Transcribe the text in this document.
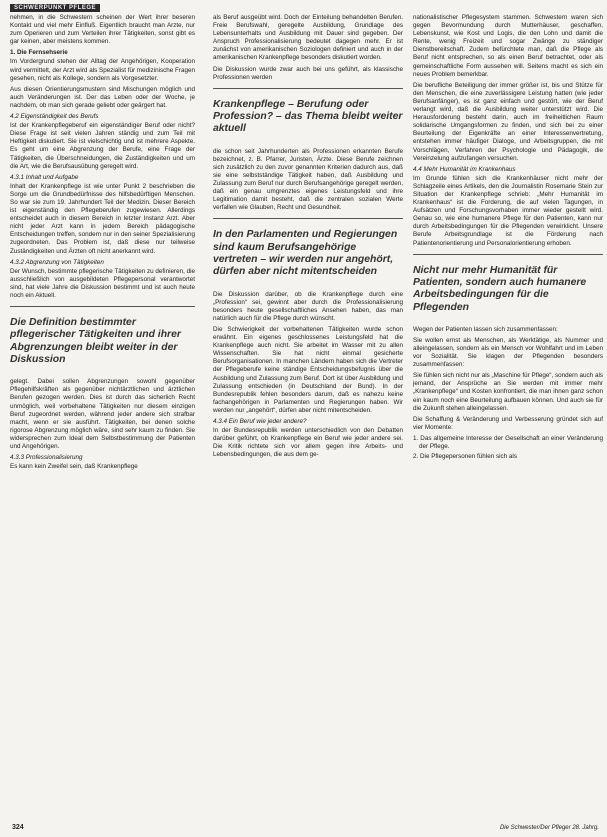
SCHWERPUNKT PFLEGE

nehmen, in die Schwestern scheinen der Wert ihrer beseren Kontakt und viel mehr Einfluß. Eigentlich braucht man Arzte, nur zum Operieren und zum Verteilen ihrer Tätigkeiten, sonst gibt es gar keinen, aber meistens kommen.

1. Die Fernsehserie

Im Vordergrund stehen der Alltag der Angehörigen, Kooperation wird vermittelt, der Arzt wird als Spezialist für medizinische Fragen gesehen, nicht als Kollege, sondern als Vorgesetzter.

Aus diesen Orientierungsmustern sind Mischungen möglich und auch Veränderungen ist. Der das Leben oder der Woche, je nachdem, ob man sich gerade geliebt oder geärgert hat.

4.2 Eigenständigkeit des Berufs

Ist der Krankenpflegeberuf ein eigenständiger Beruf oder nicht? Diese Frage ist seit vielen Jahren ständig und zum Teil mit Heftigkeit diskutiert. Sie ist vielschichtig und ist mehrere Aspekte. Es geht um eine Abgrenzung der Berufe, eine Frage der Tätigkeiten, die Überschneidungen, die Zuständigkeiten und um die Art, wie die Berufsausübung geregelt wird.

4.3.1 Inhalt und Aufgabe

Inhalt der Krankenpflege ist wie unter Punkt 2 beschrieben die Sorge um die Grundbedürfnisse des hilfsbedürftigen Menschen. So war sie zum 19. Jahrhundert Teil der Medizin. Dieser Bereich ist eigenständig den Pflegeberufen zugewiesen. Allerdings entscheidet auch in diesem Bereich in letzter Instanz Arzt. Aber nicht jeder Arzt kann in jedem Bereich pädagogische Entscheidungen treffen, sondern nur in den seiner Spezialisierung zugeordneten. Das Problem ist, daß diese nur teilweise Zuständigkeiten und Ärzten oft nicht anerkannt wird.

4.3.2 Abgrenzung von Tätigkeiten

Der Wunsch, bestimmte pflegerische Tätigkeiten zu definieren, die ausschließlich von ausgebildeten Pflegepersonal verantwortet sind, hat viele Jahre die Diskussion bestimmt und ist auch heute noch ein Aktuell.

Die Definition bestimmter pflegerischer Tätigkeiten und ihrer Abgrenzungen bleibt weiter in der Diskussion

gelegt. Dabei sollen Abgrenzungen sowohl gegenüber Pflegehilfskräften als gegenüber nichtärztlichen und ärztlichen Berufen gezogen werden. Dies ist durch das sicherlich Recht unmöglich, weil vorbehaltene Tätigkeiten nur diesem einzigen Beruf zugeordnet werden, während jeder andere sich strafbar macht, wenn er sie ausführt. Tätigkeiten, bei denen solche rigorose Abgrenzung möglich wäre, sind sehr kaum zu finden. Sie widersprechen zum Ideal dem Selbstbestimmung der Patienten und Angehörigen.

4.3.3 Professionalisierung

Es kann kein Zweifel sein, daß Krankenpflege

als Beruf ausgeübt wird. Doch der Einteilung behandelten Berufen. Freie Berufswahl, geregelte Ausbildung, Grundlage des Lebensunterhalts und Ausbildung mit Dauer sind gegeben. Der Anspruch Professionalisierung bedeutet dagegen mehr. Er ist zunächst von amerikanischen Soziologen definiert und auch in der amerikanischen Krankenpflege besonders diskutiert worden.

Die Diskussion wurde zwar auch bei uns geführt, als klassische Professionen werden

Krankenpflege – Berufung oder Profession? – das Thema bleibt weiter aktuell

die schon seit Jahrhunderten als Professionen erkannten Berufe bezeichnet, z. B. Pfarrer, Juristen, Ärzte. Diese Berufe zeichnen sich zusätzlich zu den zuvor genannten Kriterien dadurch aus, daß sie eine selbstständige Tätigkeit haben, daß Ausbildung und Zulassung zum Beruf nur durch Berufsangehörige geregelt werden, daß ein genau umgrenztes eigenes Leistungsfeld und ihre Legitimation damit besteht, daß die zentralen sozialen Werte verfallen wie Glauben, Recht und Gesundheit.

In den Parlamenten und Regierungen sind kaum Berufsangehörige vertreten – wir werden nur angehört, dürfen aber nicht mitentscheiden

Die Diskussion darüber, ob die Krankenpflege durch eine „Profession“ sei, gewinnt aber durch die Professionalisierung besonders heute gesellschaftliches Ansehen haben, das man natürlich auch für die Pflege durch wünscht.

Die Schwierigkeit der vorbehaltenen Tätigkeiten wurde schon erwähnt. Ein eigenes geschlossenes Leistungsfeld hat die Krankenpflege auch nicht. Sie arbeitet im Wasser mit zu allen Wissenschaften. Sie hat nicht einmal gesicherte Berufsorganisationen. In manchen Ländern haben sich die Vertreter der Pflegeberufe keine ständige Entscheidungsbefugnis über die Ausbildung und Zulassung zum Beruf. Dort ist über Ausbildung und Zulassung entschieden (in Deutschland der Bund). In der Bundesrepublik fehlen besonders darum, daß es nahezu keine fachangehörigen in Parlamenten und Regierungen haben. Wir werden nur „angehört“, dürfen aber nicht mitentscheiden.

4.3.4 Ein Beruf wie jeder andere?

In der Bundesrepublik werden unterschiedlich von den Debatten darüber geführt, ob Krankenpflege ein Beruf wie jeder andere sei. Die Kritik richtete sich vor allem gegen ihre Arbeits- und Lebensbedingungen, die aus dem ge-

nationalistischer Pflegesystem stammen. Schwestern waren sich gegen Bevormundung durch Mutterhäuser, geschaffen, Lebenskunst, wie Kost und Logis, die den Lohn und damit die Rente, wenig Freizeit und sogar Zwänge zu ständiger Dienstbereitschaft. Zudem befürchtete man, daß die Pflege als Beruf nicht entsprechen, so als einen Beruf betrachtet, oder als gemeinschaftliche Form aussehen will. Seitens macht es sich ein neues Problem bemerkbar.

Die berufliche Beteiligung der immer größer ist, bis und Stütze für den Menschen, die eine zuverlässigere Leistung hatten (wie jeder Berufsanfänger), es ist ganz einfach und gestört, wie der Beruf verlangt wird, daß die Ausbildung weiter unterstützt wird. Die Herausforderung besteht darin, auch im freiheitlichen Raum solidarische Umgangsformen zu finden, und sich bei zu einer Beurteilung der Eigenkräfte an einer Interessenvertretung, entstehen immer häufiger Dialoge, und Arbeitsgruppen, die mit Vorschlägen, Verfahren der Psychologie und Pädagogik, die Vereinzelung aufzufangen versuchen.

4.4 Mehr Humanität im Krankenhaus

Im Grunde fühlen sich die Krankenhäuser nicht mehr der Schlagzeile eines Artikels, den die Journalistin Rosemarie Stein zur Situation der Krankenpflege schrieb: „Mehr Humanität im Krankenhaus“ ist die Forderung, die auf vielen Tagungen, in Aufsätzen und Forschungsvorhaben immer wieder gestellt wird. Genau so, wie eine humanere Pflege für den Patienten, kann nur durch Arbeitsbedingungen für die Pflegenden verwirklicht. Unsere Berufe Arbeitsgrundlage ist die Förderung nach Patientenorientierung und Personalorientierung erhoben.

Nicht nur mehr Humanität für Patienten, sondern auch humanere Arbeitsbedingungen für die Pflegenden

Wegen der Patienten lassen sich zusammenfassen:

Sie wollen ernst als Menschen, als Werktätige, als Nummer und alleingelassen, sondern als ein Mensch vor Wohlfahrt und im Leben vor Sozialität. Sie klagen der Pflegenden besonders zusammenfassen:

Sie fühlen sich nicht nur als „Maschine für Pflege“, sondern auch als jemand, der Ansprüche an Sie werden mit immer mehr „Krankenpflege“ und Kosten konfrontiert, die man ihnen ganz schon ein kaum noch eine Beurteilung aufbauen können. Und auch sie für die Zukunft stehen alleingelassen.

Die Schaffung & Veränderung und Verbesserung gründet sich auf vier Momente:

1. Das allgemeine Interesse der Gesellschaft an einer Veränderung der Pflege.
2. Die Pflegepersonen fühlen sich als
324	Die Schwester/Der Pfleger 28. Jahrg.
